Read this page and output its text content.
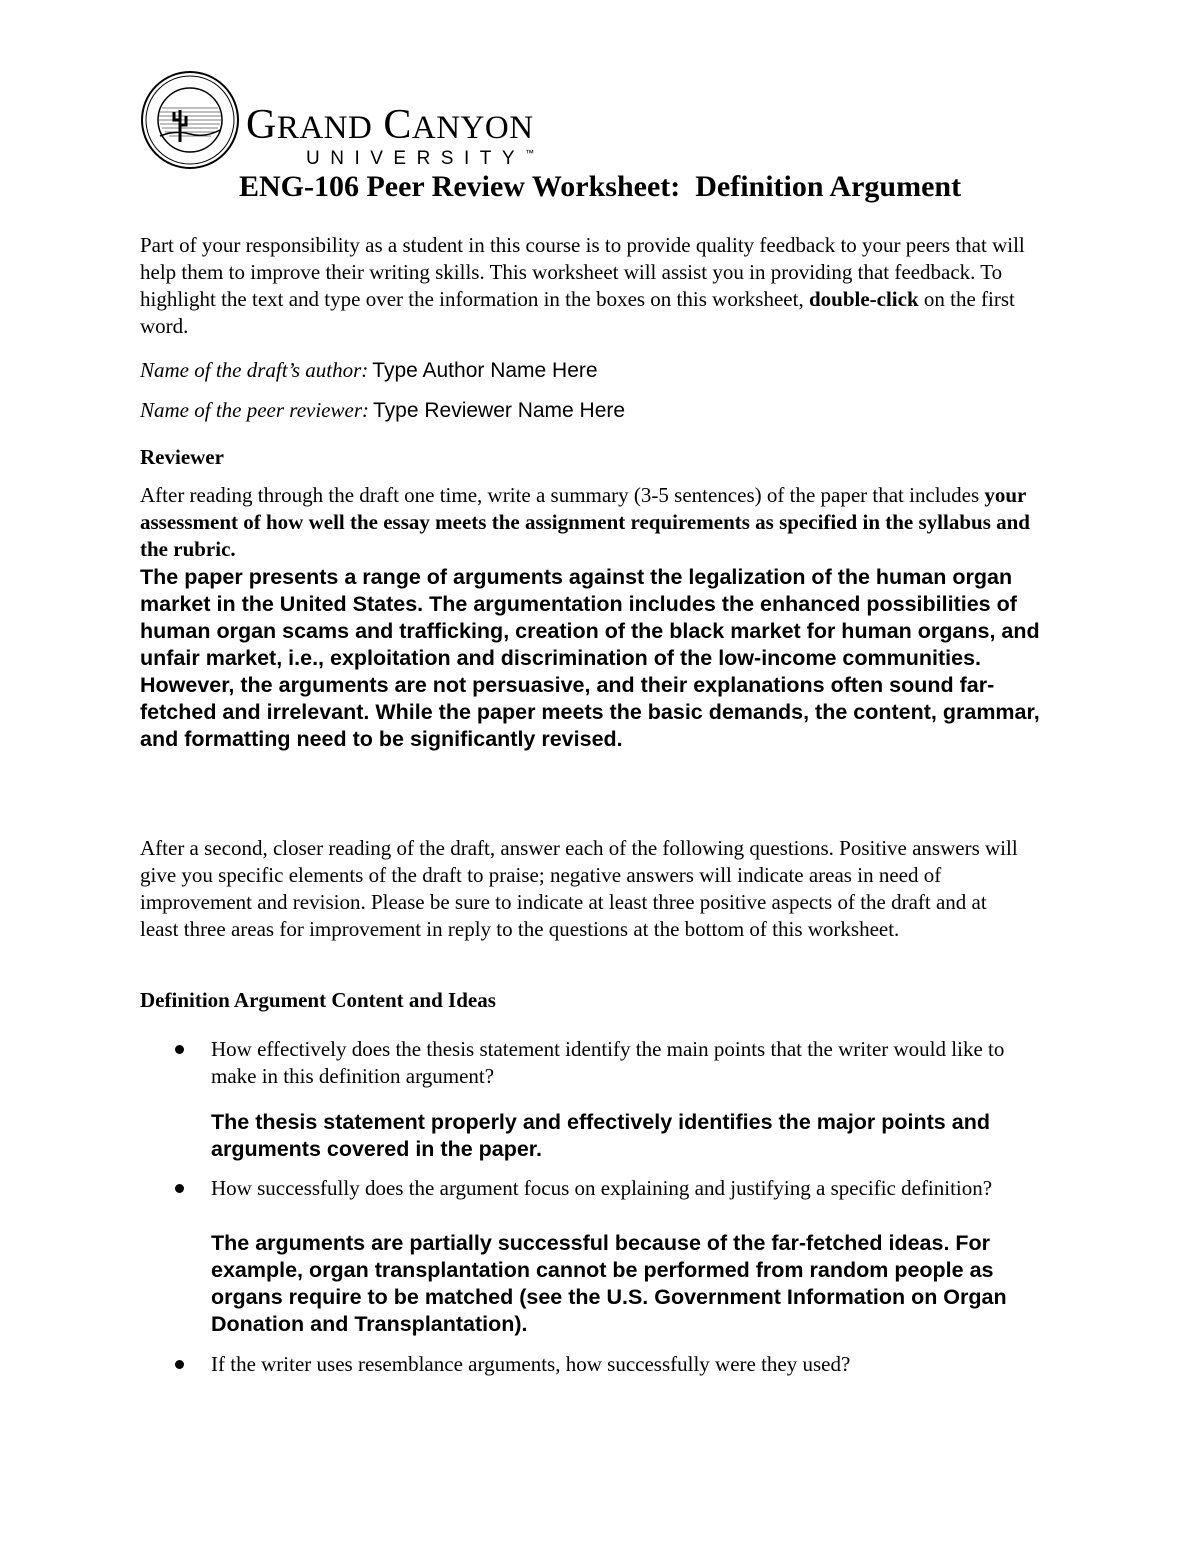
GRAND CANYON
UNIVERSITY™
ENG-106 Peer Review Worksheet:  Definition Argument
Part of your responsibility as a student in this course is to provide quality feedback to your peers that will help them to improve their writing skills. This worksheet will assist you in providing that feedback. To highlight the text and type over the information in the boxes on this worksheet, double-click on the first word.
Name of the draft’s author: Type Author Name Here
Name of the peer reviewer: Type Reviewer Name Here
Reviewer
After reading through the draft one time, write a summary (3-5 sentences) of the paper that includes your assessment of how well the essay meets the assignment requirements as specified in the syllabus and the rubric.
The paper presents a range of arguments against the legalization of the human organ market in the United States. The argumentation includes the enhanced possibilities of human organ scams and trafficking, creation of the black market for human organs, and unfair market, i.e., exploitation and discrimination of the low-income communities. However, the arguments are not persuasive, and their explanations often sound far-fetched and irrelevant. While the paper meets the basic demands, the content, grammar, and formatting need to be significantly revised.
After a second, closer reading of the draft, answer each of the following questions. Positive answers will give you specific elements of the draft to praise; negative answers will indicate areas in need of improvement and revision. Please be sure to indicate at least three positive aspects of the draft and at least three areas for improvement in reply to the questions at the bottom of this worksheet.
Definition Argument Content and Ideas
How effectively does the thesis statement identify the main points that the writer would like to make in this definition argument?
The thesis statement properly and effectively identifies the major points and arguments covered in the paper.
How successfully does the argument focus on explaining and justifying a specific definition?
The arguments are partially successful because of the far-fetched ideas. For example, organ transplantation cannot be performed from random people as organs require to be matched (see the U.S. Government Information on Organ Donation and Transplantation).
If the writer uses resemblance arguments, how successfully were they used?
